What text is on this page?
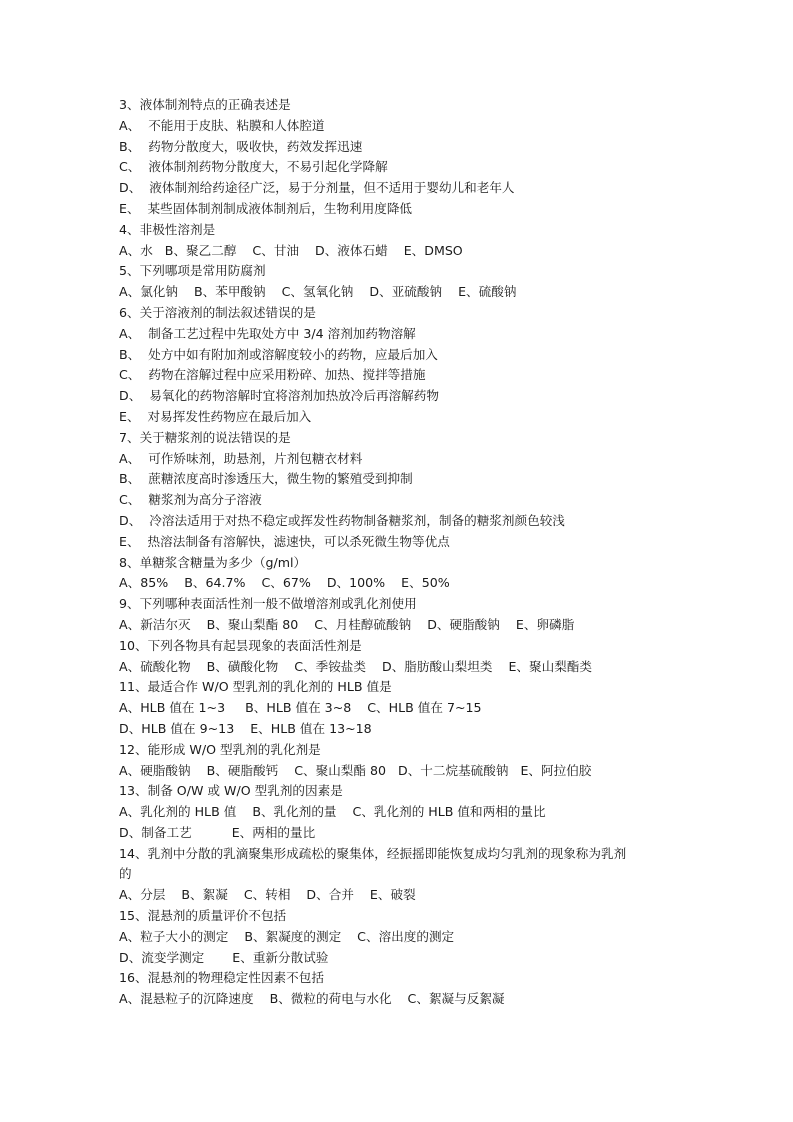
3、液体制剂特点的正确表述是
A、  不能用于皮肤、粘膜和人体腔道
B、  药物分散度大，吸收快，药效发挥迅速
C、  液体制剂药物分散度大，不易引起化学降解
D、  液体制剂给药途径广泛，易于分剂量，但不适用于婴幼儿和老年人
E、  某些固体制剂制成液体制剂后，生物利用度降低
4、非极性溶剂是
A、水   B、聚乙二醇    C、甘油    D、液体石蜡    E、DMSO
5、下列哪项是常用防腐剂
A、氯化钠    B、苯甲酸钠    C、氢氧化钠    D、亚硫酸钠    E、硫酸钠
6、关于溶液剂的制法叙述错误的是
A、  制备工艺过程中先取处方中 3/4 溶剂加药物溶解
B、  处方中如有附加剂或溶解度较小的药物，应最后加入
C、  药物在溶解过程中应采用粉碎、加热、搅拌等措施
D、  易氧化的药物溶解时宜将溶剂加热放冷后再溶解药物
E、  对易挥发性药物应在最后加入
7、关于糖浆剂的说法错误的是
A、  可作矫味剂，助悬剂，片剂包糖衣材料
B、  蔗糖浓度高时渗透压大，微生物的繁殖受到抑制
C、  糖浆剂为高分子溶液
D、  冷溶法适用于对热不稳定或挥发性药物制备糖浆剂，制备的糖浆剂颜色较浅
E、  热溶法制备有溶解快，滤速快，可以杀死微生物等优点
8、单糖浆含糖量为多少（g/ml）
A、85%    B、64.7%    C、67%    D、100%    E、50%
9、下列哪种表面活性剂一般不做增溶剂或乳化剂使用
A、新洁尔灭    B、聚山梨酯 80    C、月桂醇硫酸钠    D、硬脂酸钠    E、卵磷脂
10、下列各物具有起昙现象的表面活性剂是
A、硫酸化物    B、磺酸化物    C、季铵盐类    D、脂肪酸山梨坦类    E、聚山梨酯类
11、最适合作 W/O 型乳剂的乳化剂的 HLB 值是
A、HLB 值在 1~3     B、HLB 值在 3~8    C、HLB 值在 7~15
D、HLB 值在 9~13    E、HLB 值在 13~18
12、能形成 W/O 型乳剂的乳化剂是
A、硬脂酸钠    B、硬脂酸钙    C、聚山梨酯 80   D、十二烷基硫酸钠   E、阿拉伯胶
13、制备 O/W 或 W/O 型乳剂的因素是
A、乳化剂的 HLB 值    B、乳化剂的量    C、乳化剂的 HLB 值和两相的量比
D、制备工艺          E、两相的量比
14、乳剂中分散的乳滴聚集形成疏松的聚集体，经振摇即能恢复成均匀乳剂的现象称为乳剂
的
A、分层    B、絮凝    C、转相    D、合并    E、破裂
15、混悬剂的质量评价不包括
A、粒子大小的测定    B、絮凝度的测定    C、溶出度的测定
D、流变学测定       E、重新分散试验
16、混悬剂的物理稳定性因素不包括
A、混悬粒子的沉降速度    B、微粒的荷电与水化    C、絮凝与反絮凝
